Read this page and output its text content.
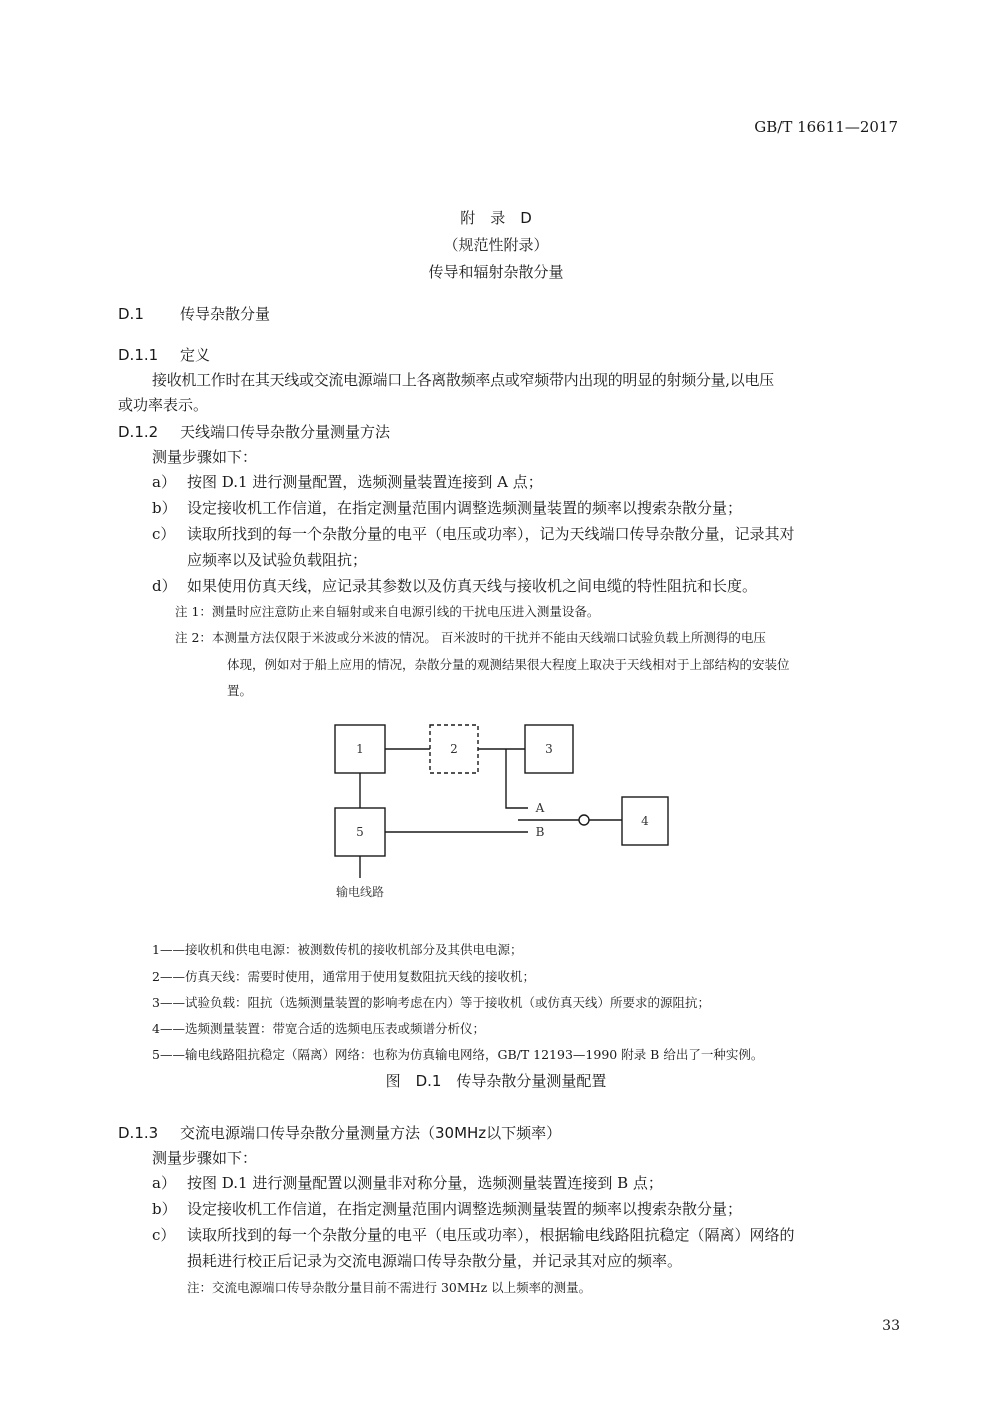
GB/T 16611—2017
附　录　D
（规范性附录）
传导和辐射杂散分量
D.1 传导杂散分量
D.1.1 定义
接收机工作时在其天线或交流电源端口上各离散频率点或窄频带内出现的明显的射频分量,以电压
或功率表示。
D.1.2 天线端口传导杂散分量测量方法
测量步骤如下：
a） 按图 D.1 进行测量配置，选频测量装置连接到 A 点；
b） 设定接收机工作信道，在指定测量范围内调整选频测量装置的频率以搜索杂散分量；
c） 读取所找到的每一个杂散分量的电平（电压或功率），记为天线端口传导杂散分量，记录其对
应频率以及试验负载阻抗；
d） 如果使用仿真天线，应记录其参数以及仿真天线与接收机之间电缆的特性阻抗和长度。
注 1：测量时应注意防止来自辐射或来自电源引线的干扰电压进入测量设备。
注 2：本测量方法仅限于米波或分米波的情况。 百米波时的干扰并不能由天线端口试验负载上所测得的电压
体现，例如对于船上应用的情况，杂散分量的观测结果很大程度上取决于天线相对于上部结构的安装位
置。
1	2	3
4
5
A
B
输电线路
1——接收机和供电电源：被测数传机的接收机部分及其供电电源；
2——仿真天线：需要时使用，通常用于使用复数阻抗天线的接收机；
3——试验负载：阻抗（选频测量装置的影响考虑在内）等于接收机（或仿真天线）所要求的源阻抗；
4——选频测量装置：带宽合适的选频电压表或频谱分析仪；
5——输电线路阻抗稳定（隔离）网络：也称为仿真输电网络，GB/T 12193—1990 附录 B 给出了一种实例。
图　D.1　传导杂散分量测量配置
D.1.3 交流电源端口传导杂散分量测量方法（30MHz以下频率）
测量步骤如下：
a） 按图 D.1 进行测量配置以测量非对称分量，选频测量装置连接到 B 点；
b） 设定接收机工作信道，在指定测量范围内调整选频测量装置的频率以搜索杂散分量；
c） 读取所找到的每一个杂散分量的电平（电压或功率），根据输电线路阻抗稳定（隔离）网络的
损耗进行校正后记录为交流电源端口传导杂散分量，并记录其对应的频率。
注：交流电源端口传导杂散分量目前不需进行 30MHz 以上频率的测量。
33
